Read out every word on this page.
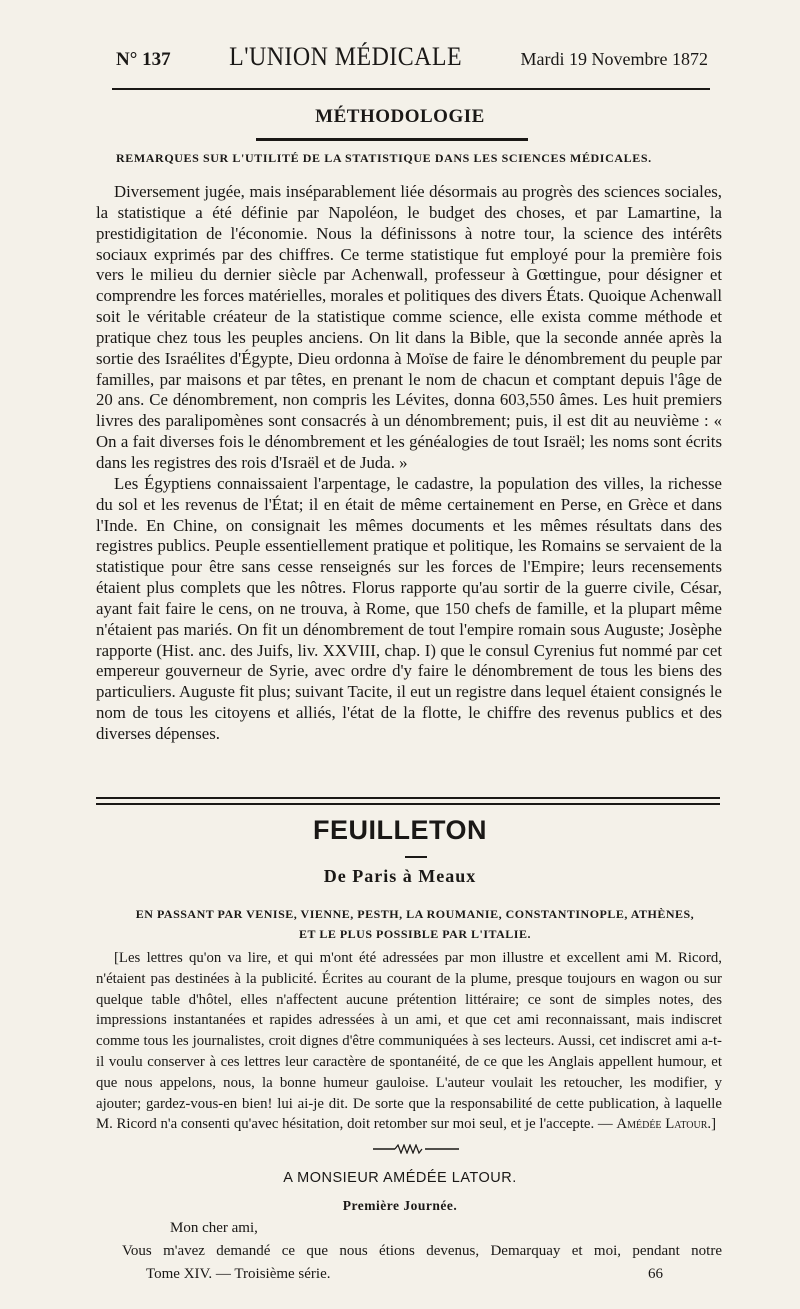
N° 137 L'UNION MÉDICALE	Mardi 19 Novembre 1872
MÉTHODOLOGIE
REMARQUES SUR L'UTILITÉ DE LA STATISTIQUE DANS LES SCIENCES MÉDICALES.

Diversement jugée, mais inséparablement liée désormais au progrès des sciences sociales, la statistique a été définie par Napoléon, le budget des choses, et par Lamartine, la prestidigitation de l'économie. Nous la définissons à notre tour, la science des intérêts sociaux exprimés par des chiffres. Ce terme statistique fut employé pour la première fois vers le milieu du dernier siècle par Achenwall, professeur à Gœttingue, pour désigner et comprendre les forces matérielles, morales et politiques des divers États. Quoique Achenwall soit le véritable créateur de la statistique comme science, elle exista comme méthode et pratique chez tous les peuples anciens. On lit dans la Bible, que la seconde année après la sortie des Israélites d'Égypte, Dieu ordonna à Moïse de faire le dénombrement du peuple par familles, par maisons et par têtes, en prenant le nom de chacun et comptant depuis l'âge de 20 ans. Ce dénombrement, non compris les Lévites, donna 603,550 âmes. Les huit premiers livres des paralipomènes sont consacrés à un dénombrement; puis, il est dit au neuvième : « On a fait diverses fois le dénombrement et les généalogies de tout Israël; les noms sont écrits dans les registres des rois d'Israël et de Juda. »

Les Égyptiens connaissaient l'arpentage, le cadastre, la population des villes, la richesse du sol et les revenus de l'État; il en était de même certainement en Perse, en Grèce et dans l'Inde. En Chine, on consignait les mêmes documents et les mêmes résultats dans des registres publics. Peuple essentiellement pratique et politique, les Romains se servaient de la statistique pour être sans cesse renseignés sur les forces de l'Empire; leurs recensements étaient plus complets que les nôtres. Florus rapporte qu'au sortir de la guerre civile, César, ayant fait faire le cens, on ne trouva, à Rome, que 150 chefs de famille, et la plupart même n'étaient pas mariés. On fit un dénombrement de tout l'empire romain sous Auguste; Josèphe rapporte (Hist. anc. des Juifs, liv. XXVIII, chap. I) que le consul Cyrenius fut nommé par cet empereur gouverneur de Syrie, avec ordre d'y faire le dénombrement de tous les biens des particuliers. Auguste fit plus; suivant Tacite, il eut un registre dans lequel étaient consignés le nom de tous les citoyens et alliés, l'état de la flotte, le chiffre des revenus publics et des diverses dépenses.

FEUILLETON
De Paris à Meaux
EN PASSANT PAR VENISE, VIENNE, PESTH, LA ROUMANIE, CONSTANTINOPLE, ATHÈNES,
ET LE PLUS POSSIBLE PAR L'ITALIE.

[Les lettres qu'on va lire, et qui m'ont été adressées par mon illustre et excellent ami M. Ricord, n'étaient pas destinées à la publicité. Écrites au courant de la plume, presque toujours en wagon ou sur quelque table d'hôtel, elles n'affectent aucune prétention littéraire; ce sont de simples notes, des impressions instantanées et rapides adressées à un ami, et que cet ami reconnaissant, mais indiscret comme tous les journalistes, croit dignes d'être communiquées à ses lecteurs. Aussi, cet indiscret ami a-t-il voulu conserver à ces lettres leur caractère de spontanéité, de ce que les Anglais appellent humour, et que nous appelons, nous, la bonne humeur gauloise. L'auteur voulait les retoucher, les modifier, y ajouter; gardez-vous-en bien! lui ai-je dit. De sorte que la responsabilité de cette publication, à laquelle M. Ricord n'a consenti qu'avec hésitation, doit retomber sur moi seul, et je l'accepte. — Amédée Latour.]

A MONSIEUR AMÉDÉE LATOUR.
Première Journée.
Mon cher ami,
Vous m'avez demandé ce que nous étions devenus, Demarquay et moi, pendant notre
Tome XIV. — Troisième série.	66
